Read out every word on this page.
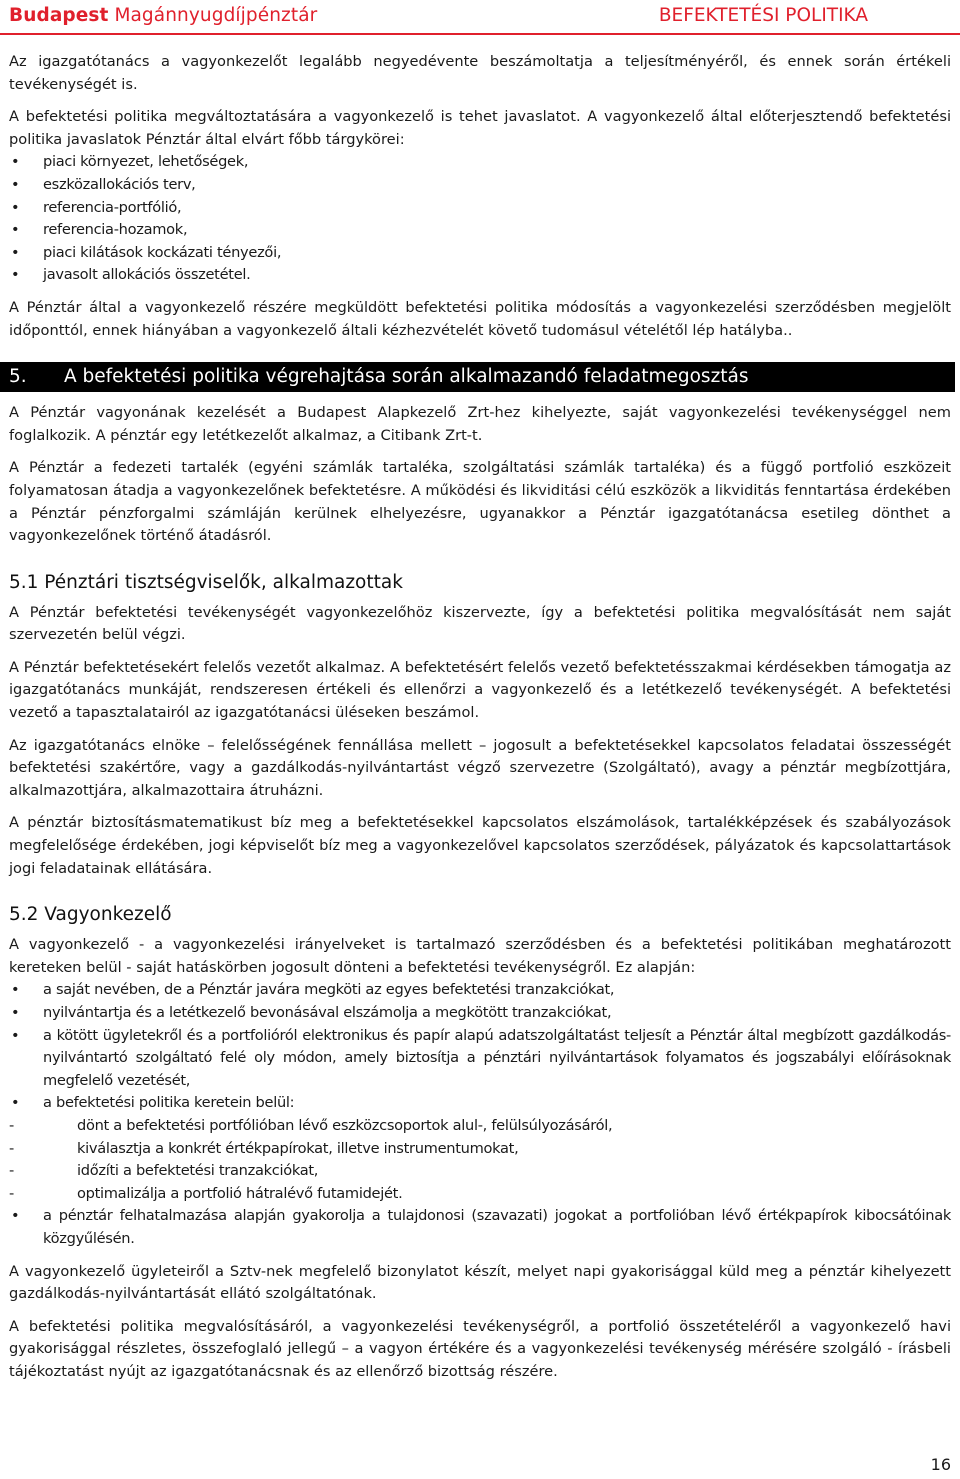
Budapest Magánnyugdíjpénztár	BEFEKTETÉSI POLITIKA

Az igazgatótanács a vagyonkezelőt legalább negyedévente beszámoltatja a teljesítményéről, és ennek során értékeli tevékenységét is.

A befektetési politika megváltoztatására a vagyonkezelő is tehet javaslatot. A vagyonkezelő által előterjesztendő befektetési politika javaslatok Pénztár által elvárt főbb tárgykörei:

• piaci környezet, lehetőségek,
• eszközallokációs terv,
• referencia-portfólió,
• referencia-hozamok,
• piaci kilátások kockázati tényezői,
• javasolt allokációs összetétel.

A Pénztár által a vagyonkezelő részére megküldött befektetési politika módosítás a vagyonkezelési szerződésben megjelölt időponttól, ennek hiányában a vagyonkezelő általi kézhezvételét követő tudomásul vételétől lép hatályba..

5.	A befektetési politika végrehajtása során alkalmazandó feladatmegosztás

A Pénztár vagyonának kezelését a Budapest Alapkezelő Zrt-hez kihelyezte, saját vagyonkezelési tevékenységgel nem foglalkozik. A pénztár egy letétkezelőt alkalmaz, a Citibank Zrt-t.

A Pénztár a fedezeti tartalék (egyéni számlák tartaléka, szolgáltatási számlák tartaléka) és a függő portfolió eszközeit folyamatosan átadja a vagyonkezelőnek befektetésre. A működési és likviditási célú eszközök a likviditás fenntartása érdekében a Pénztár pénzforgalmi számláján kerülnek elhelyezésre, ugyanakkor a Pénztár igazgatótanácsa esetileg dönthet a vagyonkezelőnek történő átadásról.

5.1 Pénztári tisztségviselők, alkalmazottak

A Pénztár befektetési tevékenységét vagyonkezelőhöz kiszervezte, így a befektetési politika megvalósítását nem saját szervezetén belül végzi.

A Pénztár befektetésekért felelős vezetőt alkalmaz. A befektetésért felelős vezető befektetésszakmai kérdésekben támogatja az igazgatótanács munkáját, rendszeresen értékeli és ellenőrzi a vagyonkezelő és a letétkezelő tevékenységét. A befektetési vezető a tapasztalatairól az igazgatótanácsi üléseken beszámol.

Az igazgatótanács elnöke – felelősségének fennállása mellett – jogosult a befektetésekkel kapcsolatos feladatai összességét befektetési szakértőre, vagy a gazdálkodás-nyilvántartást végző szervezetre (Szolgáltató), avagy a pénztár megbízottjára, alkalmazottjára, alkalmazottaira átruházni.

A pénztár biztosításmatematikust bíz meg a befektetésekkel kapcsolatos elszámolások, tartalékképzések és szabályozások megfelelősége érdekében, jogi képviselőt bíz meg a vagyonkezelővel kapcsolatos szerződések, pályázatok és kapcsolattartások jogi feladatainak ellátására.

5.2 Vagyonkezelő

A vagyonkezelő - a vagyonkezelési irányelveket is tartalmazó szerződésben és a befektetési politikában meghatározott kereteken belül - saját hatáskörben jogosult dönteni a befektetési tevékenységről. Ez alapján:

• a saját nevében, de a Pénztár javára megköti az egyes befektetési tranzakciókat,
• nyilvántartja és a letétkezelő bevonásával elszámolja a megkötött tranzakciókat,
• a kötött ügyletekről és a portfolióról elektronikus és papír alapú adatszolgáltatást teljesít a Pénztár által megbízott gazdálkodás-nyilvántartó szolgáltató felé oly módon, amely biztosítja a pénztári nyilvántartások folyamatos és jogszabályi előírásoknak megfelelő vezetését,
• a befektetési politika keretein belül:
- dönt a befektetési portfólióban lévő eszközcsoportok alul-, felülsúlyozásáról,
- kiválasztja a konkrét értékpapírokat, illetve instrumentumokat,
- időzíti a befektetési tranzakciókat,
- optimalizálja a portfolió hátralévő futamidejét.
• a pénztár felhatalmazása alapján gyakorolja a tulajdonosi (szavazati) jogokat a portfolióban lévő értékpapírok kibocsátóinak közgyűlésén.

A vagyonkezelő ügyleteiről a Sztv-nek megfelelő bizonylatot készít, melyet napi gyakorisággal küld meg a pénztár kihelyezett gazdálkodás-nyilvántartását ellátó szolgáltatónak.

A befektetési politika megvalósításáról, a vagyonkezelési tevékenységről, a portfolió összetételéről a vagyonkezelő havi gyakorisággal részletes, összefoglaló jellegű – a vagyon értékére és a vagyonkezelési tevékenység mérésére szolgáló - írásbeli tájékoztatást nyújt az igazgatótanácsnak és az ellenőrző bizottság részére.

16
